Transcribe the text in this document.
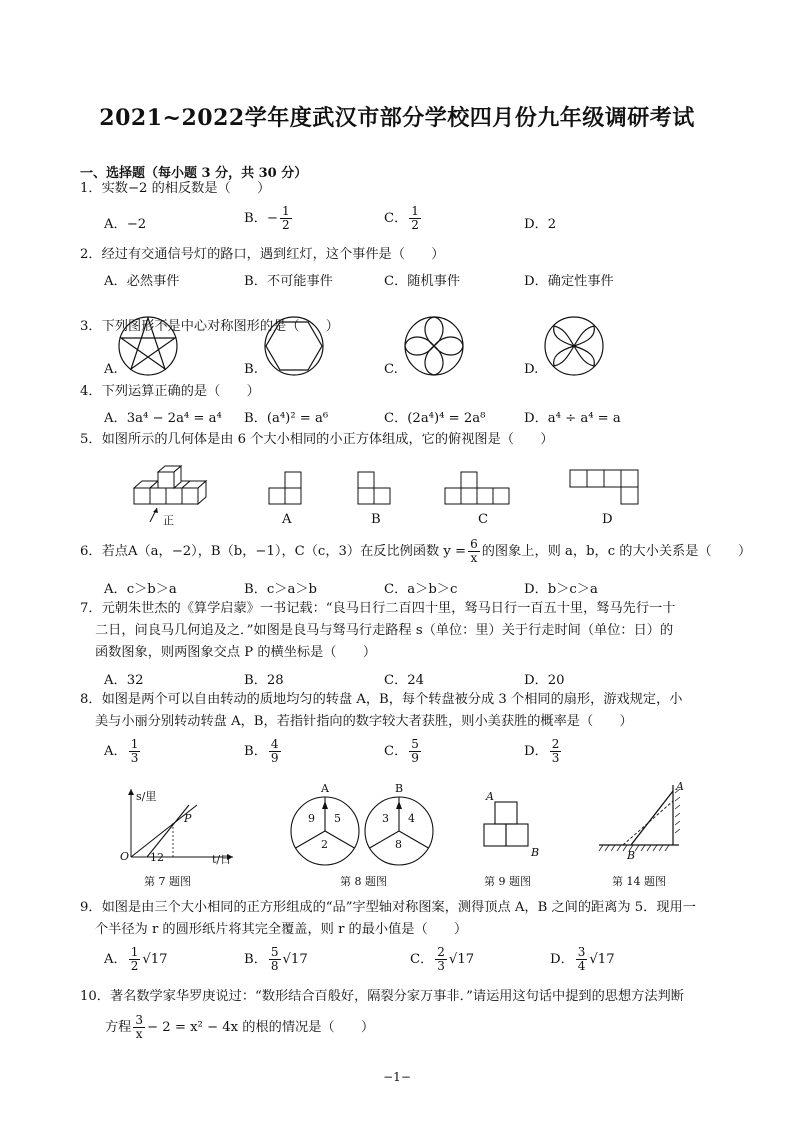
2021~2022学年度武汉市部分学校四月份九年级调研考试
一、选择题（每小题 3 分，共 30 分）
1．实数−2 的相反数是（　　）
A．−2	B．− $\frac{1}{2}$	C． $\frac{1}{2}$	D．2
2．经过有交通信号灯的路口，遇到红灯，这个事件是（　　）
A．必然事件	B．不可能事件	C．随机事件	D．确定性事件
3．下列图形不是中心对称图形的是（　　）
A.	B.	C.	D.
4．下列运算正确的是（　　）
A．3a⁴ − 2a⁴ = a⁴ B．(a⁴)² = a⁶	C．(2a⁴)⁴ = 2a⁸	D．a⁴ ÷ a⁴ = a
5．如图所示的几何体是由 6 个大小相同的小正方体组成，它的俯视图是（　　）
正	A	B	C	D
6．若点A（a，−2），B（b，−1），C（c，3）在反比例函数 $y = \frac{6}{x}$ 的图象上，则 a，b，c 的大小关系是（　　）
A．c＞b＞a	B．c＞a＞b	C．a＞b＞c	D．b＞c＞a
7．元朝朱世杰的《算学启蒙》一书记载：“良马日行二百四十里，驽马日行一百五十里，驽马先行一十
二日，问良马几何追及之．”如图是良马与驽马行走路程 s（单位：里）关于行走时间（单位：日）的
函数图象，则两图象交点 P 的横坐标是（　　）
A．32	B．28	C．24	D．20
8．如图是两个可以自由转动的质地均匀的转盘 A，B，每个转盘被分成 3 个相同的扇形，游戏规定，小
美与小丽分别转动转盘 A，B，若指针指向的数字较大者获胜，则小美获胜的概率是（　　）
A． $\frac{1}{3}$	B． $\frac{4}{9}$	C． $\frac{5}{9}$	D． $\frac{2}{3}$
s/里
t/日
O 12
P
第 7 题图
A	B
9 5
2
3 4
8
第 8 题图
A
B
第 9 题图
A
B
第 14 题图
9．如图是由三个大小相同的正方形组成的“品”字型轴对称图案，测得顶点 A，B 之间的距离为 5．现用一
个半径为 r 的圆形纸片将其完全覆盖，则 r 的最小值是（　　）
A． $\frac{1}{2} √17$	B． $\frac{5}{8} √17$	C． $\frac{2}{3} √17$	D． $\frac{3}{4} √17$
10．著名数学家华罗庚说过：“数形结合百般好，隔裂分家万事非．”请运用这句话中提到的思想方法判断
方程 $\frac{3}{x} - 2 = x^2 - 4x$ 的根的情况是（　　）
−1−
